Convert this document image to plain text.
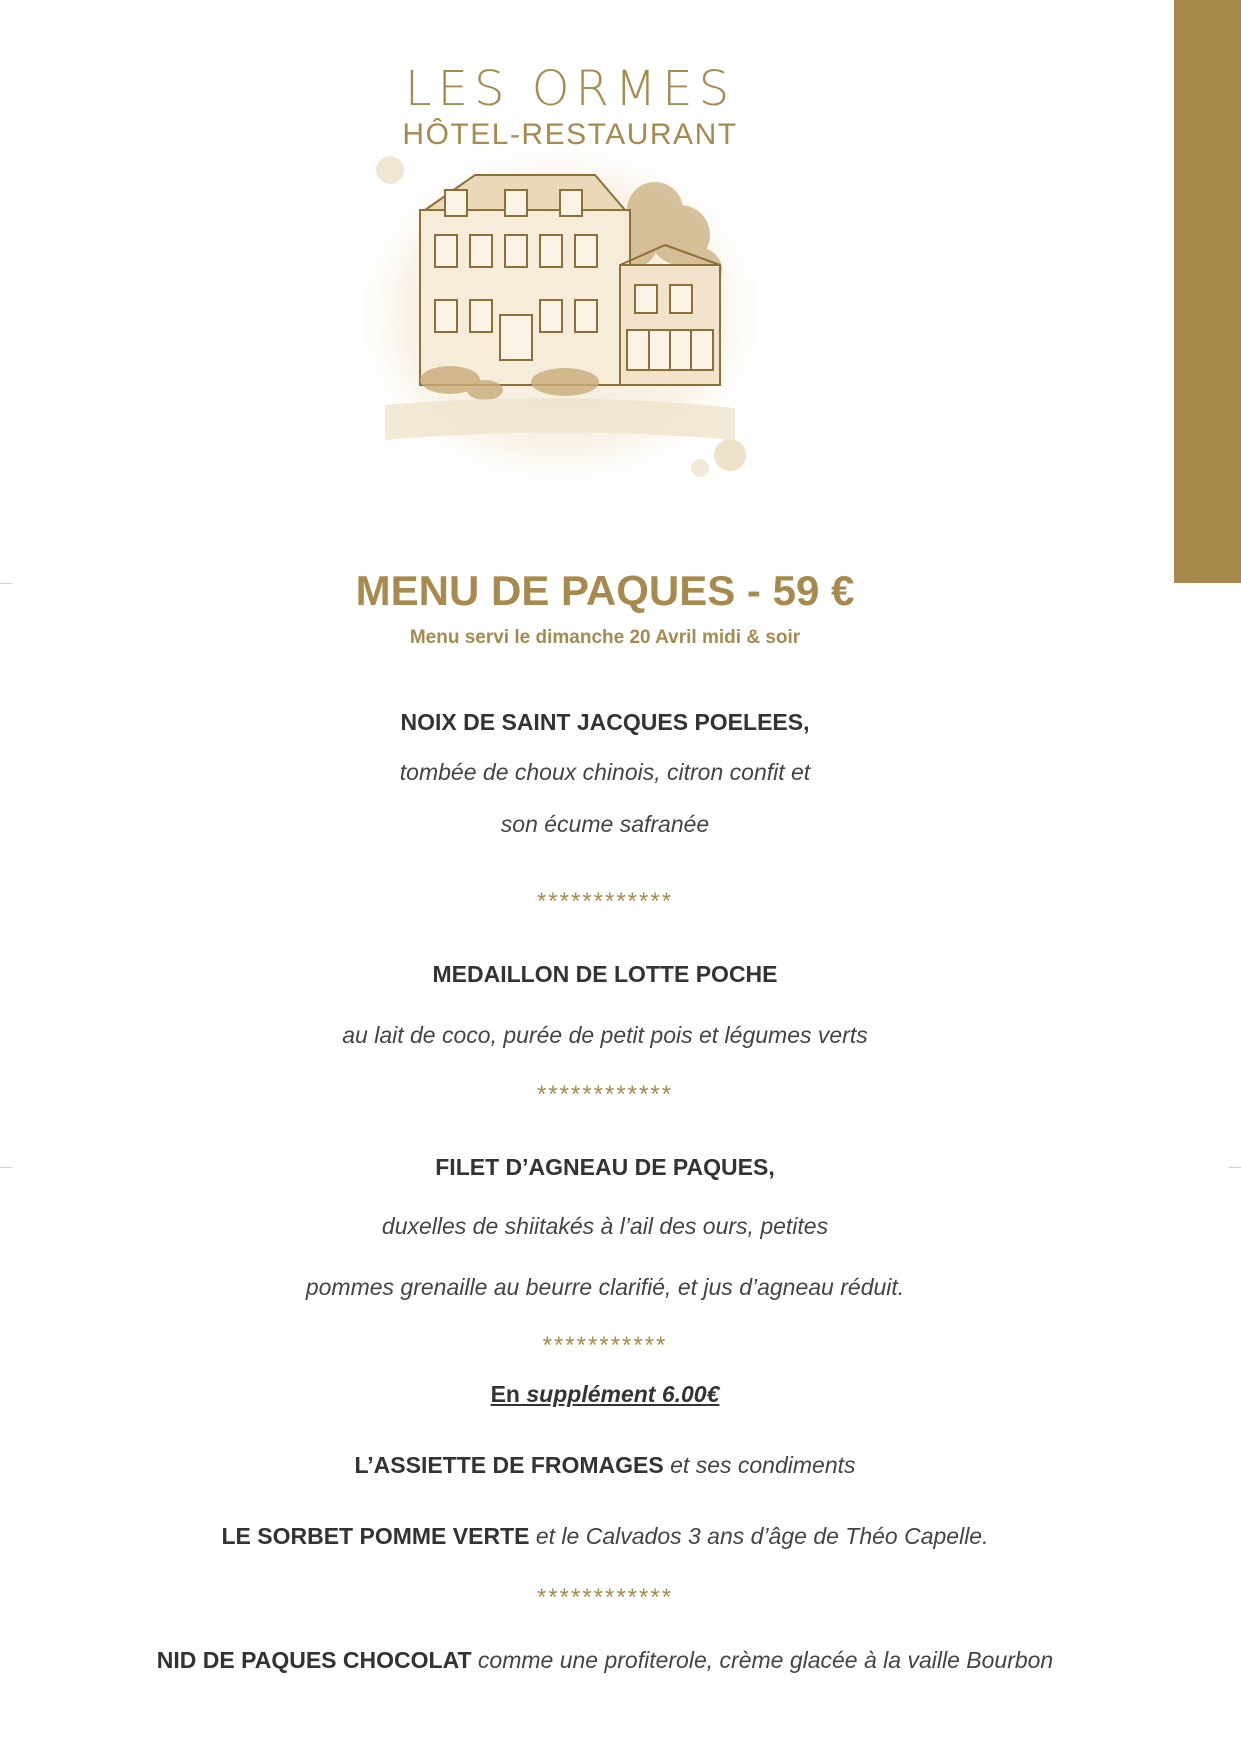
LES ORMES
HÔTEL-RESTAURANT
MENU DE PAQUES - 59 €
Menu servi le dimanche 20 Avril midi & soir
NOIX DE SAINT JACQUES POELEES,
tombée de choux chinois, citron confit et
son écume safranée
************
MEDAILLON DE LOTTE POCHE
au lait de coco, purée de petit pois et légumes verts
************
FILET D’AGNEAU DE PAQUES,
duxelles de shiitakés à l’ail des ours, petites
pommes grenaille au beurre clarifié, et jus d’agneau réduit.
***********
En supplément 6.00€
L’ASSIETTE DE FROMAGES et ses condiments
LE SORBET POMME VERTE et le Calvados 3 ans d’âge de Théo Capelle.
************
NID DE PAQUES CHOCOLAT comme une profiterole, crème glacée à la vaille Bourbon
